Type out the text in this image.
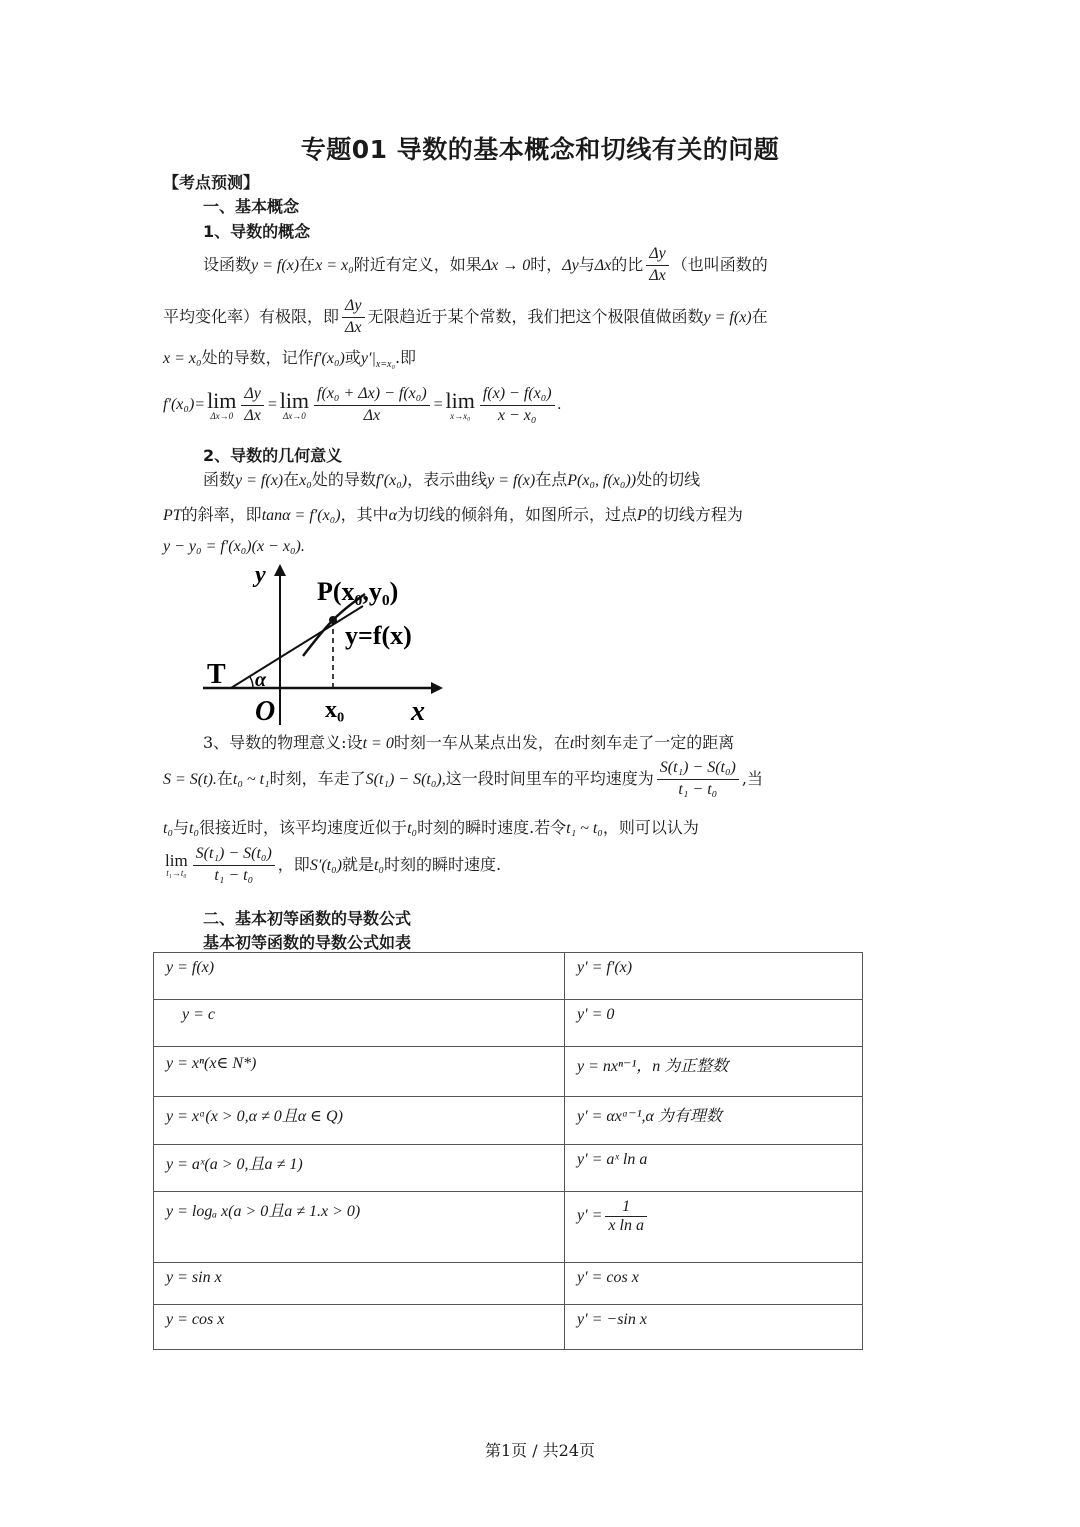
专题01 导数的基本概念和切线有关的问题
【考点预测】
一、基本概念
1、导数的概念
设函数y = f(x)在x = x₀附近有定义，如果Δx → 0时，Δy与Δx的比 $\frac{\Delta y}{\Delta x}$ （也叫函数的
平均变化率）有极限，即 $\frac{\Delta y}{\Delta x}$ 无限趋近于某个常数，我们把这个极限值做函数y = f(x)在
x = x₀处的导数，记作f′(x₀)或$y'|_{x=x_0}$.即
f′(x₀)= lim
$\Delta x\to 0 \frac{\Delta y}{\Delta x} = \lim$
$\Delta x\to 0 \frac{\text{f(x₀ + Δx) − f(x₀)}}{\Delta x} = \lim$
$x\to x_0 \frac{\text{f(x) − f(x₀)}}{\text{x − x₀}}$ .
2、导数的几何意义
函数y = f(x)在x₀处的导数f′(x₀)，表示曲线y = f(x)在点P(x₀, f(x₀))处的切线
PT的斜率，即tanα = f′(x₀)，其中α为切线的倾斜角，如图所示，过点P的切线方程为
y − y₀ = f′(x₀)(x − x₀).
y
P(x₀,y₀)
y=f(x)
T α
O x₀ x
3、导数的物理意义:设t = 0时刻一车从某点出发，在t时刻车走了一定的距离
S = S(t).在t₀ ~ t₁时刻，车走了S(t₁) − S(t₀),这一段时间里车的平均速度为 $\frac{\text{S(t₁) − S(t₀)}}{\text{t₁ − t₀}}$ ,当
t₀与t₀很接近时，该平均速度近似于t₀时刻的瞬时速度.若令t₁ ~ t₀，则可以认为
lim
$t_1\to t_0 \frac{\text{S(t₁) − S(t₀)}}{\text{t₁ − t₀}}$ ，即S′(t₀)就是t₀时刻的瞬时速度.
二、基本初等函数的导数公式
基本初等函数的导数公式如表
y = f(x)	y′ = f′(x)
y = c	y′ = 0
y = xⁿ(x∈ N*)	y = nxⁿ⁻¹，n 为正整数
y = xᵅ(x > 0,α ≠ 0且α ∈ Q)	y′ = αxᵅ⁻¹,α 为有理数
y = aˣ(a > 0,且a ≠ 1)	y′ = aˣ ln a
y = logₐ x(a > 0且a ≠ 1.x > 0)	$y' = \frac{1}{\text{x ln a}}$

y = sin x	y′ = cos x
y = cos x	y′ = −sin x
第1页 / 共24页
